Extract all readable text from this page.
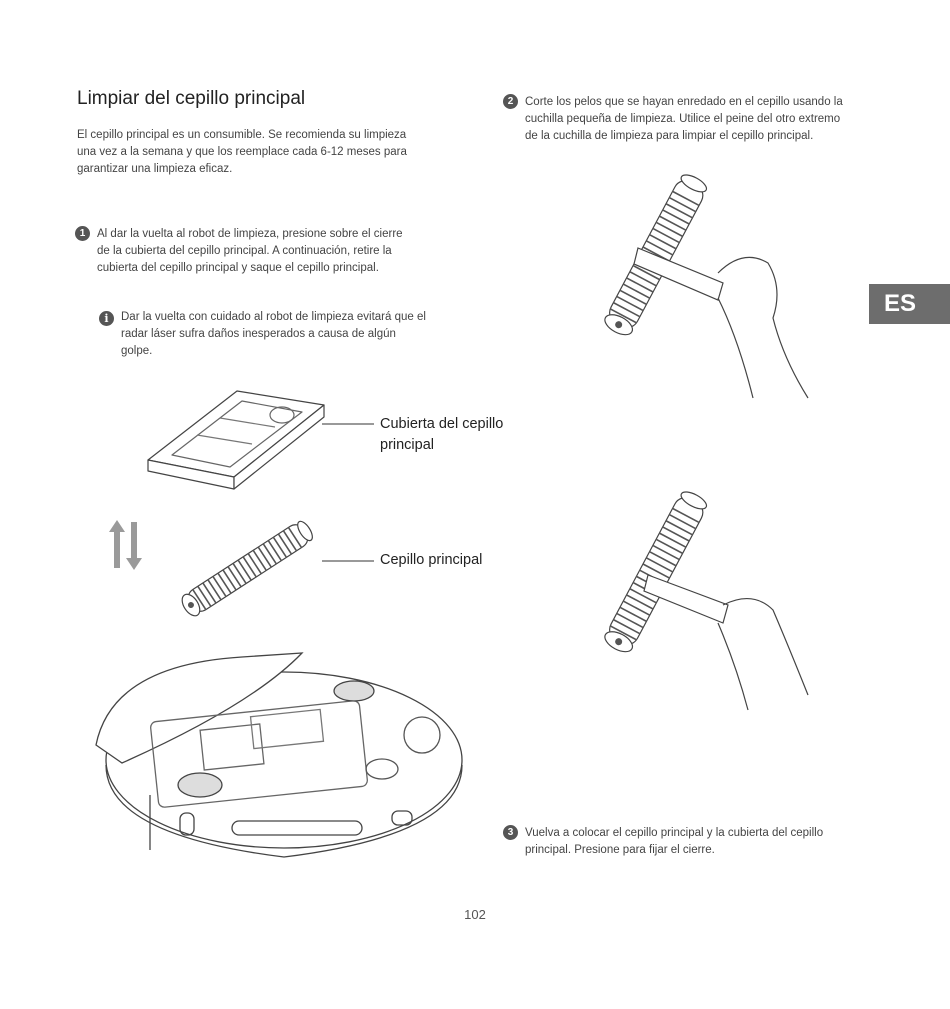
Limpiar del cepillo principal
El cepillo principal es un consumible. Se recomienda su limpieza una vez a la semana y que los reemplace cada 6-12 meses para garantizar una limpieza eficaz.
1	Al dar la vuelta al robot de limpieza, presione sobre el cierre de la cubierta del cepillo principal. A continuación, retire la cubierta del cepillo principal y saque el cepillo principal.
i	Dar la vuelta con cuidado al robot de limpieza evitará que el radar láser sufra daños inesperados a causa de algún golpe.
2	Corte los pelos que se hayan enredado en el cepillo usando la cuchilla pequeña de limpieza. Utilice el peine del otro extremo de la cuchilla de limpieza para limpiar el cepillo principal.
3	Vuelva a colocar el cepillo principal y la cubierta del cepillo principal. Presione para fijar el cierre.
Cubierta del cepillo principal
Cepillo principal
ES
102
